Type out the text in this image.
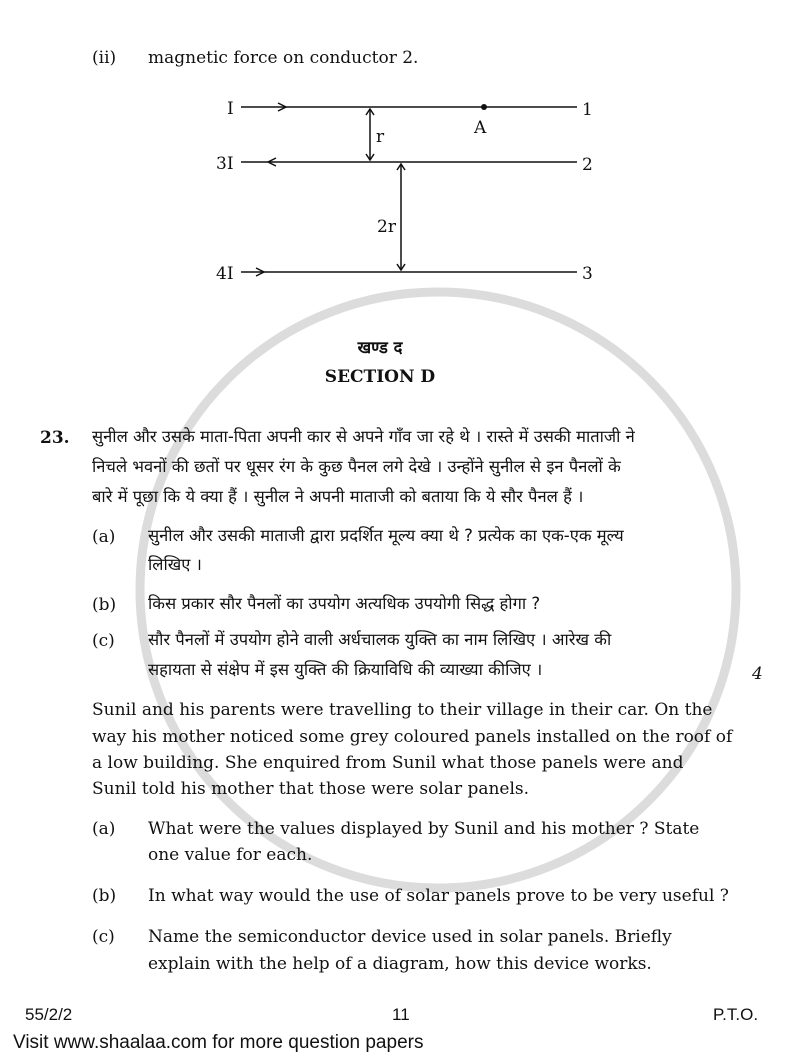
(ii) magnetic force on conductor 2.
I
3I
4I
1
2
3
A
r
2r
खण्ड द
SECTION D
23. सुनील और उसके माता-पिता अपनी कार से अपने गाँव जा रहे थे । रास्ते में उसकी माताजी ने
निचले भवनों की छतों पर धूसर रंग के कुछ पैनल लगे देखे । उन्होंने सुनील से इन पैनलों के
बारे में पूछा कि ये क्या हैं । सुनील ने अपनी माताजी को बताया कि ये सौर पैनल हैं ।
(a) सुनील और उसकी माताजी द्वारा प्रदर्शित मूल्य क्या थे ? प्रत्येक का एक-एक मूल्य
लिखिए ।
(b) किस प्रकार सौर पैनलों का उपयोग अत्यधिक उपयोगी सिद्ध होगा ?
(c) सौर पैनलों में उपयोग होने वाली अर्धचालक युक्ति का नाम लिखिए । आरेख की
सहायता से संक्षेप में इस युक्ति की क्रियाविधि की व्याख्या कीजिए ।	4
Sunil and his parents were travelling to their village in their car. On the
way his mother noticed some grey coloured panels installed on the roof of
a low building. She enquired from Sunil what those panels were and
Sunil told his mother that those were solar panels.
(a) What were the values displayed by Sunil and his mother ? State
one value for each.
(b) In what way would the use of solar panels prove to be very useful ?
(c) Name the semiconductor device used in solar panels. Briefly
explain with the help of a diagram, how this device works.
55/2/2	11	P.T.O.
Visit www.shaalaa.com for more question papers
